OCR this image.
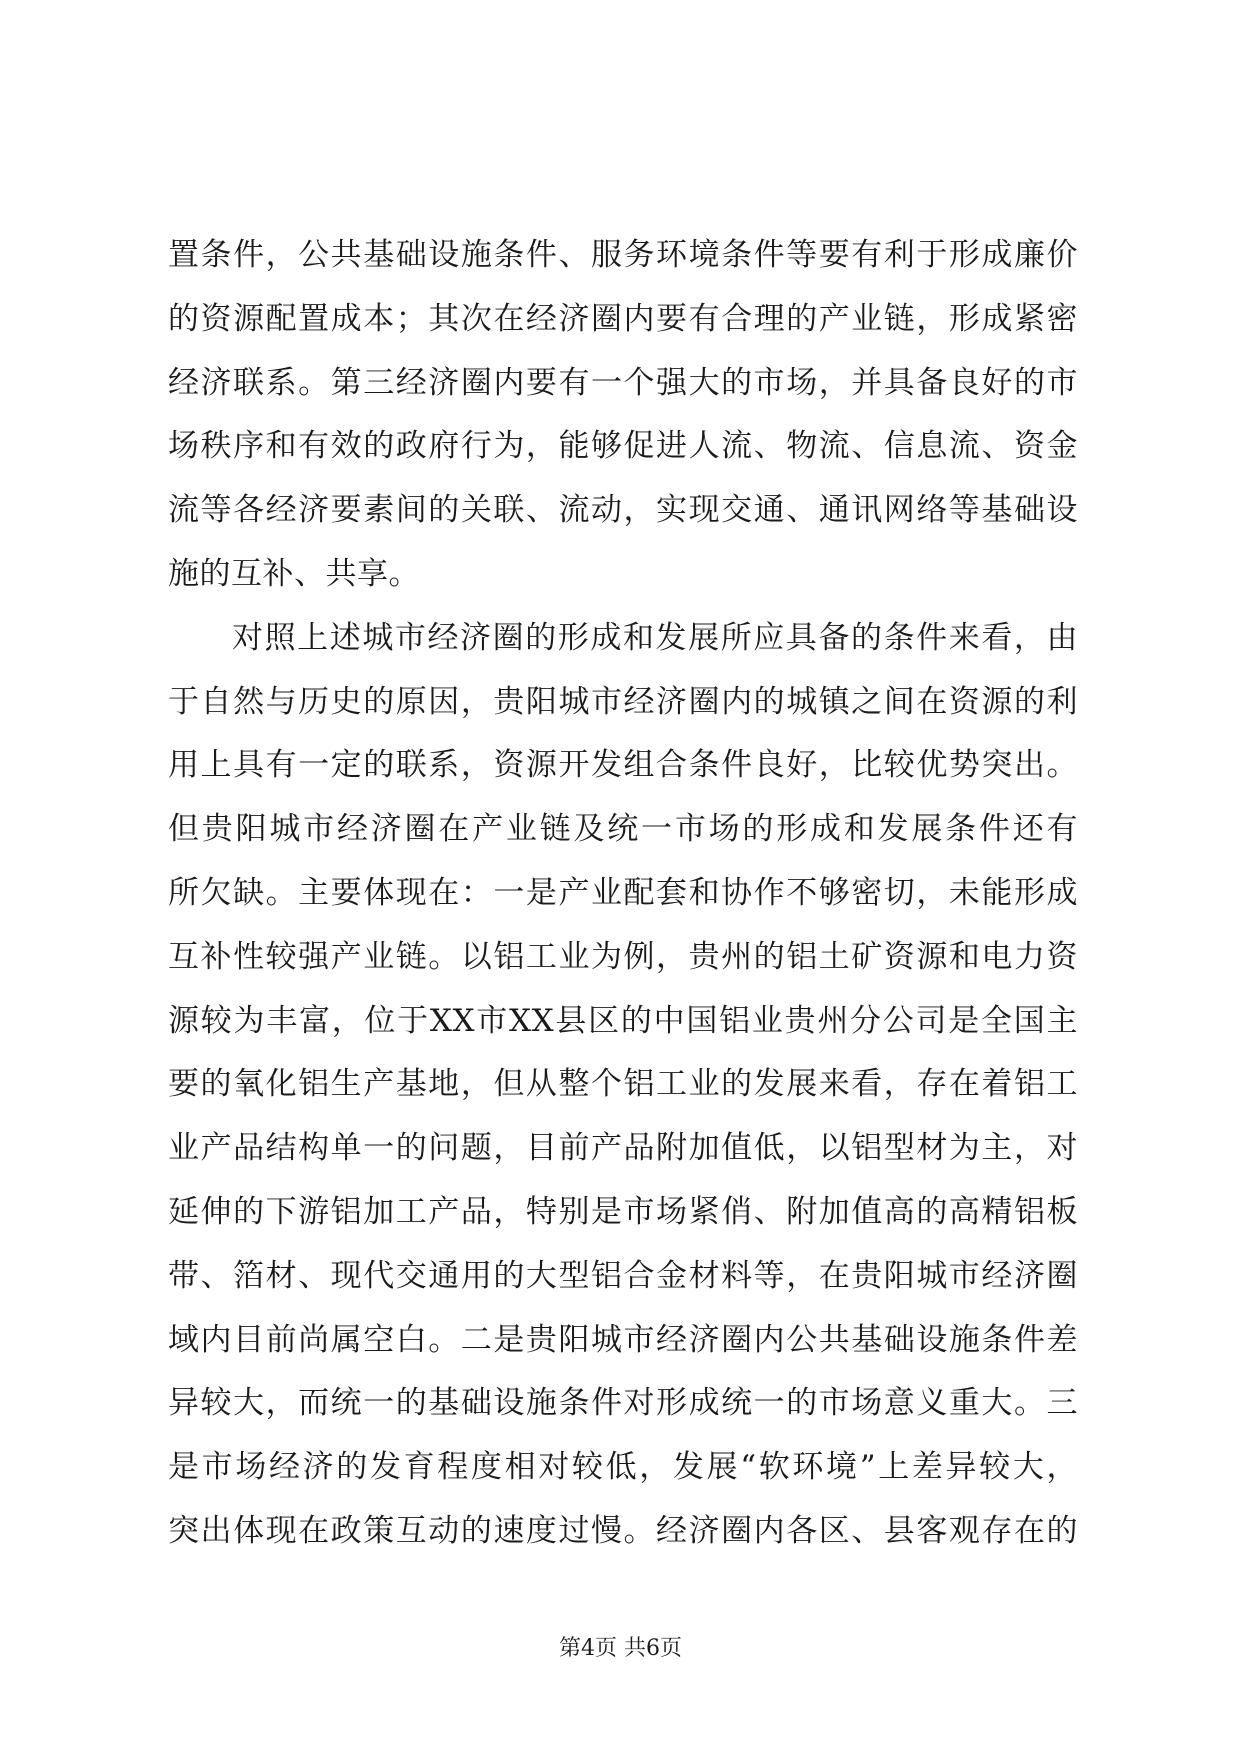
置条件，公共基础设施条件、服务环境条件等要有利于形成廉价
的资源配置成本；其次在经济圈内要有合理的产业链，形成紧密
经济联系。第三经济圈内要有一个强大的市场，并具备良好的市
场秩序和有效的政府行为，能够促进人流、物流、信息流、资金
流等各经济要素间的关联、流动，实现交通、通讯网络等基础设
施的互补、共享。
对照上述城市经济圈的形成和发展所应具备的条件来看，由
于自然与历史的原因，贵阳城市经济圈内的城镇之间在资源的利
用上具有一定的联系，资源开发组合条件良好，比较优势突出。
但贵阳城市经济圈在产业链及统一市场的形成和发展条件还有
所欠缺。主要体现在：一是产业配套和协作不够密切，未能形成
互补性较强产业链。以铝工业为例，贵州的铝土矿资源和电力资
源较为丰富，位于XX市XX县区的中国铝业贵州分公司是全国主
要的氧化铝生产基地，但从整个铝工业的发展来看，存在着铝工
业产品结构单一的问题，目前产品附加值低，以铝型材为主，对
延伸的下游铝加工产品，特别是市场紧俏、附加值高的高精铝板
带、箔材、现代交通用的大型铝合金材料等，在贵阳城市经济圈
域内目前尚属空白。二是贵阳城市经济圈内公共基础设施条件差
异较大，而统一的基础设施条件对形成统一的市场意义重大。三
是市场经济的发育程度相对较低，发展“软环境”上差异较大，
突出体现在政策互动的速度过慢。经济圈内各区、县客观存在的
第4页 共6页
